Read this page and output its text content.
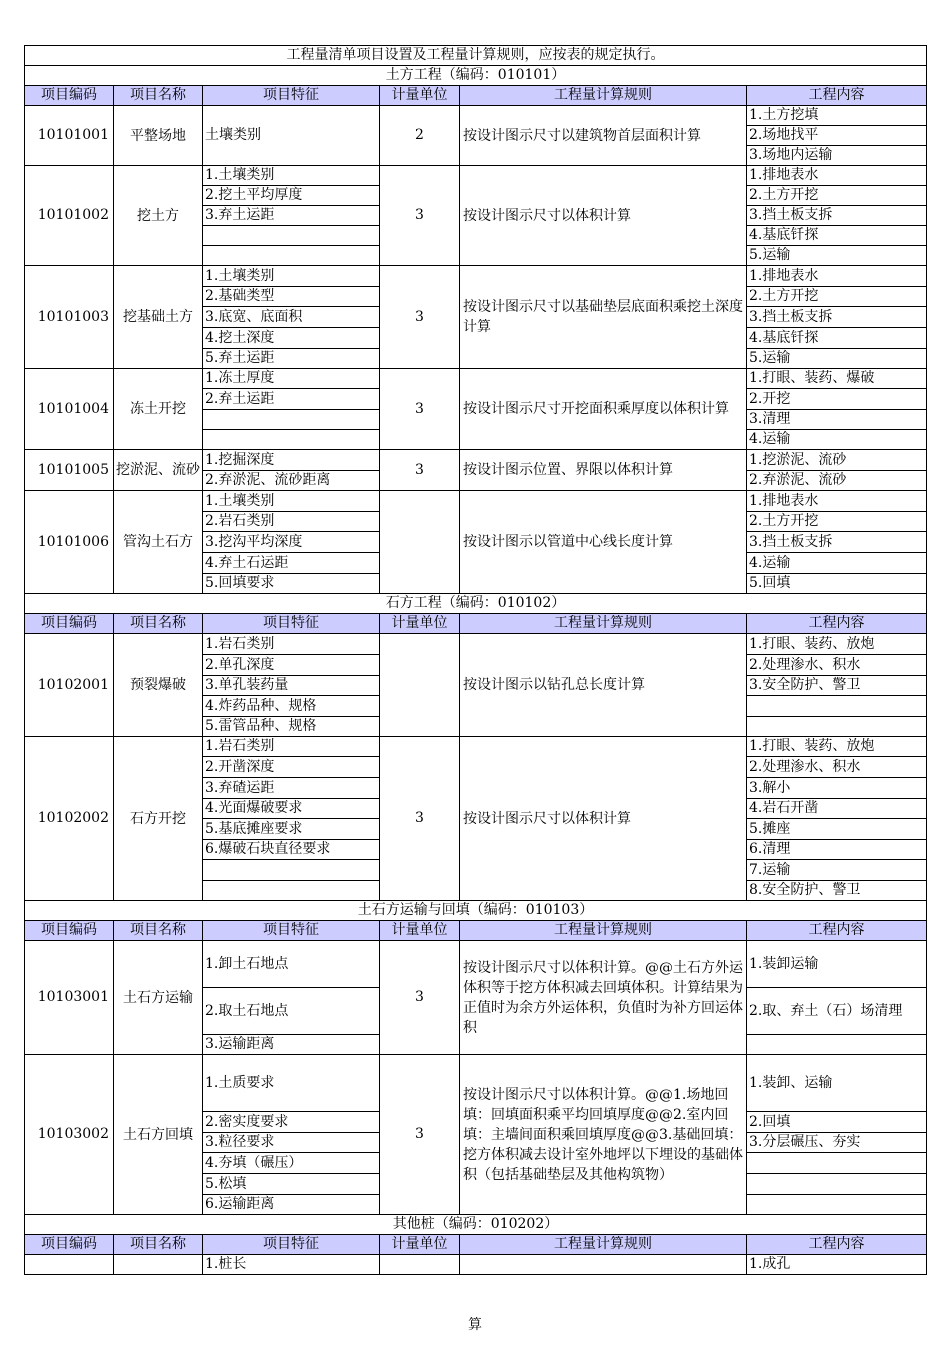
工程量清单项目设置及工程量计算规则，应按表的规定执行。					
土方工程（编码：010101）					
项目编码	项目名称	项目特征	计量单位	工程量计算规则	工程内容
10101001	平整场地	土壤类别	2	按设计图示尺寸以建筑物首层面积计算	1.土方挖填
					2.场地找平
					3.场地内运输
10101002	挖土方	1.土壤类别	3	按设计图示尺寸以体积计算	1.排地表水
		2.挖土平均厚度			2.土方开挖
		3.弃土运距			3.挡土板支拆
					4.基底钎探
					5.运输
10101003	挖基础土方	1.土壤类别	3	按设计图示尺寸以基础垫层底面积乘挖土深度计算	1.排地表水
		2.基础类型			2.土方开挖
		3.底宽、底面积			3.挡土板支拆
		4.挖土深度			4.基底钎探
		5.弃土运距			5.运输
10101004	冻土开挖	1.冻土厚度	3	按设计图示尺寸开挖面积乘厚度以体积计算	1.打眼、装药、爆破
		2.弃土运距			2.开挖
					3.清理
					4.运输
10101005	挖淤泥、流砂	1.挖掘深度	3	按设计图示位置、界限以体积计算	1.挖淤泥、流砂
		2.弃淤泥、流砂距离			2.弃淤泥、流砂
10101006	管沟土石方	1.土壤类别		按设计图示以管道中心线长度计算	1.排地表水
		2.岩石类别			2.土方开挖
		3.挖沟平均深度			3.挡土板支拆
		4.弃土石运距			4.运输
		5.回填要求			5.回填
石方工程（编码：010102）					
项目编码	项目名称	项目特征	计量单位	工程量计算规则	工程内容
10102001	预裂爆破	1.岩石类别		按设计图示以钻孔总长度计算	1.打眼、装药、放炮
		2.单孔深度			2.处理渗水、积水
		3.单孔装药量			3.安全防护、警卫
		4.炸药品种、规格			
		5.雷管品种、规格			
10102002	石方开挖	1.岩石类别	3	按设计图示尺寸以体积计算	1.打眼、装药、放炮
		2.开凿深度			2.处理渗水、积水
		3.弃碴运距			3.解小
		4.光面爆破要求			4.岩石开凿
		5.基底摊座要求			5.摊座
		6.爆破石块直径要求			6.清理
					7.运输
					8.安全防护、警卫
土石方运输与回填（编码：010103）					
项目编码	项目名称	项目特征	计量单位	工程量计算规则	工程内容
10103001	土石方运输	1.卸土石地点	3	按设计图示尺寸以体积计算。@@土石方外运体积等于挖方体积减去回填体积。计算结果为正值时为余方外运体积，负值时为补方回运体积	1.装卸运输
		2.取土石地点			2.取、弃土（石）场清理
		3.运输距离			
10103002	土石方回填	1.土质要求	3	按设计图示尺寸以体积计算。@@1.场地回填：回填面积乘平均回填厚度@@2.室内回填：主墙间面积乘回填厚度@@3.基础回填：挖方体积减去设计室外地坪以下埋设的基础体积（包括基础垫层及其他构筑物）	1.装卸、运输
		2.密实度要求			2.回填
		3.粒径要求			3.分层碾压、夯实
		4.夯填（碾压）			
		5.松填			
		6.运输距离			
其他桩（编码：010202）					
项目编码	项目名称	项目特征	计量单位	工程量计算规则	工程内容
		1.桩长			1.成孔
算
